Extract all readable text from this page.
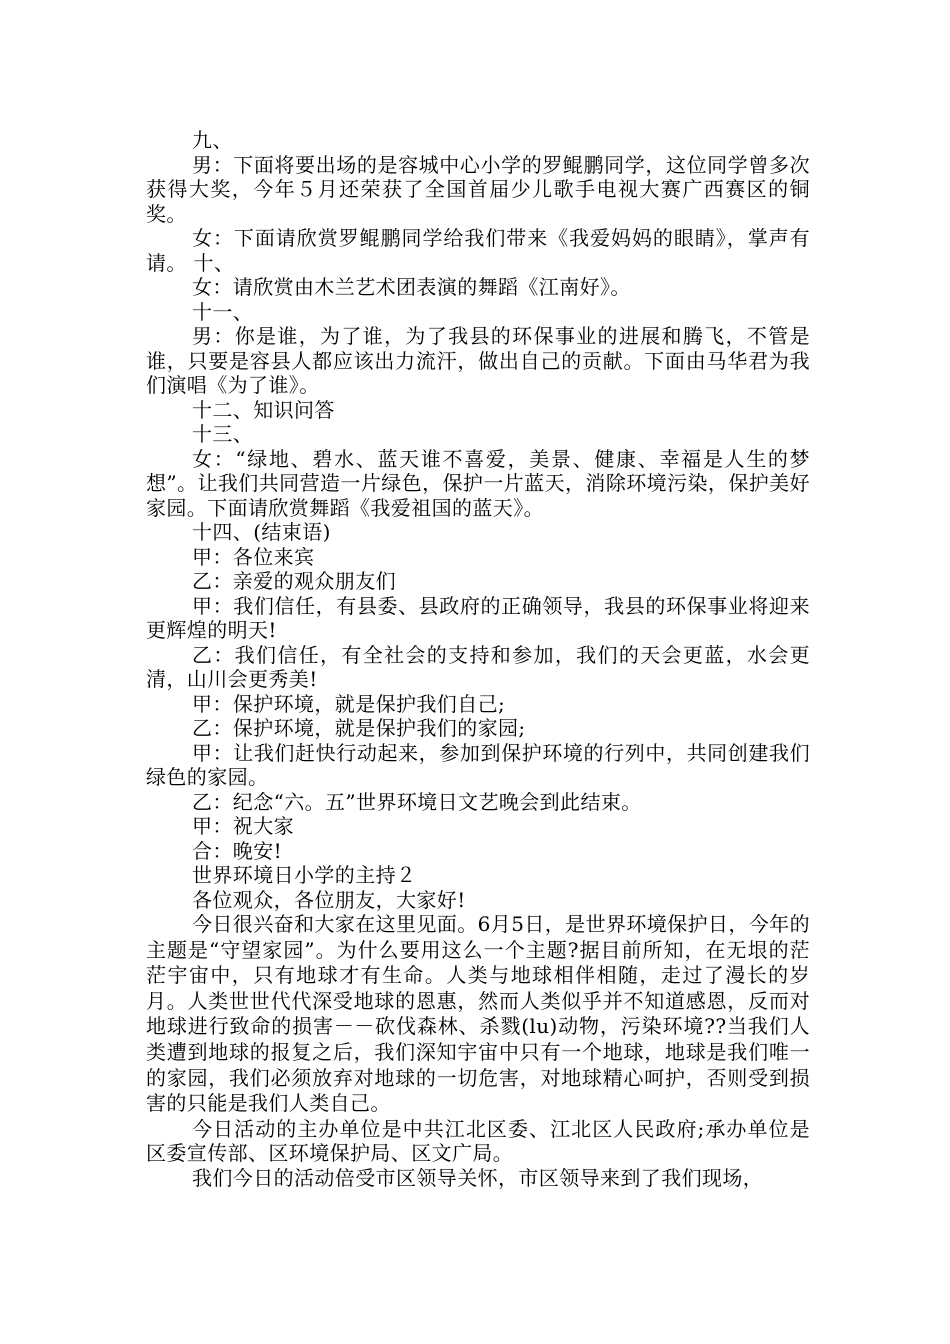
九、

男：下面将要出场的是容城中心小学的罗鲲鹏同学，这位同学曾多次获得大奖，今年５月还荣获了全国首届少儿歌手电视大赛广西赛区的铜奖。

女：下面请欣赏罗鲲鹏同学给我们带来《我爱妈妈的眼睛》，掌声有请。 十、

女：请欣赏由木兰艺术团表演的舞蹈《江南好》。

十一、

男：你是谁，为了谁，为了我县的环保事业的进展和腾飞，不管是谁，只要是容县人都应该出力流汗，做出自己的贡献。下面由马华君为我们演唱《为了谁》。

十二、知识问答

十三、

女：“绿地、碧水、蓝天谁不喜爱，美景、健康、幸福是人生的梦想”。让我们共同营造一片绿色，保护一片蓝天，消除环境污染，保护美好家园。下面请欣赏舞蹈《我爱祖国的蓝天》。

十四、(结束语)

甲：各位来宾

乙：亲爱的观众朋友们

甲：我们信任，有县委、县政府的正确领导，我县的环保事业将迎来更辉煌的明天!

乙：我们信任，有全社会的支持和参加，我们的天会更蓝，水会更清，山川会更秀美!

甲：保护环境，就是保护我们自己;

乙：保护环境，就是保护我们的家园;

甲：让我们赶快行动起来，参加到保护环境的行列中，共同创建我们绿色的家园。

乙：纪念“六。五”世界环境日文艺晚会到此结束。

甲：祝大家

合：晚安!

世界环境日小学的主持２

各位观众，各位朋友，大家好!

今日很兴奋和大家在这里见面。6月5日，是世界环境保护日，今年的主题是“守望家园”。为什么要用这么一个主题?据目前所知，在无垠的茫茫宇宙中，只有地球才有生命。人类与地球相伴相随，走过了漫长的岁月。人类世世代代深受地球的恩惠，然而人类似乎并不知道感恩，反而对地球进行致命的损害－－砍伐森林、杀戮(lu)动物，污染环境??当我们人类遭到地球的报复之后，我们深知宇宙中只有一个地球，地球是我们唯一的家园，我们必须放弃对地球的一切危害，对地球精心呵护，否则受到损害的只能是我们人类自己。

今日活动的主办单位是中共江北区委、江北区人民政府;承办单位是区委宣传部、区环境保护局、区文广局。

我们今日的活动倍受市区领导关怀，市区领导来到了我们现场，
